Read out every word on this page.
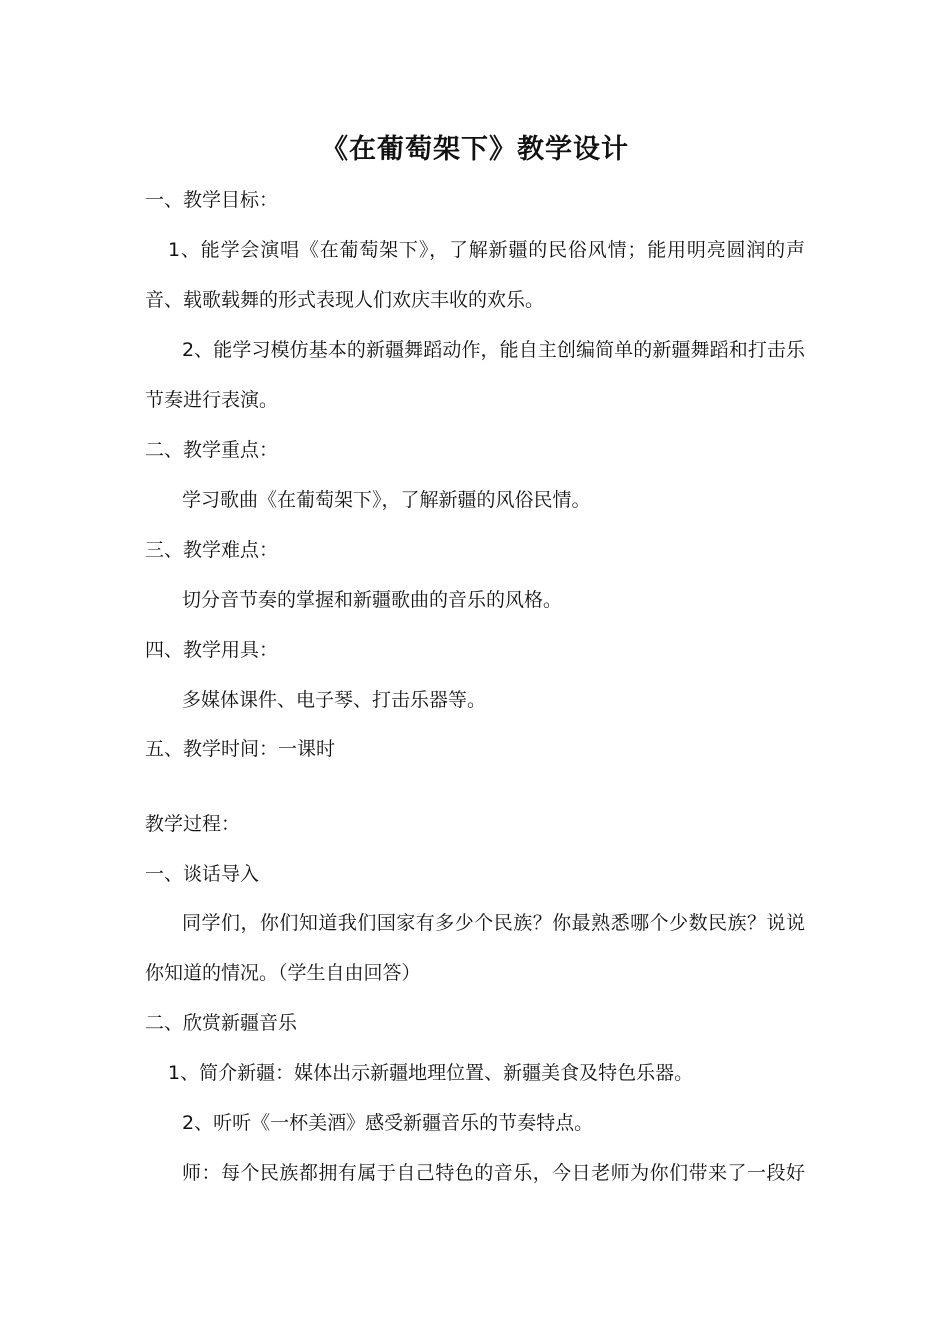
《在葡萄架下》教学设计
一、教学目标：
1、能学会演唱《在葡萄架下》，了解新疆的民俗风情；能用明亮圆润的声
音、载歌载舞的形式表现人们欢庆丰收的欢乐。
2、能学习模仿基本的新疆舞蹈动作，能自主创编简单的新疆舞蹈和打击乐
节奏进行表演。
二、教学重点：
学习歌曲《在葡萄架下》，了解新疆的风俗民情。
三、教学难点：
切分音节奏的掌握和新疆歌曲的音乐的风格。
四、教学用具：
多媒体课件、电子琴、打击乐器等。
五、教学时间：一课时
教学过程：
一、谈话导入
同学们，你们知道我们国家有多少个民族？你最熟悉哪个少数民族？说说
你知道的情况。（学生自由回答）
二、欣赏新疆音乐
1、简介新疆：媒体出示新疆地理位置、新疆美食及特色乐器。
2、听听《一杯美酒》感受新疆音乐的节奏特点。
师：每个民族都拥有属于自己特色的音乐，今日老师为你们带来了一段好
